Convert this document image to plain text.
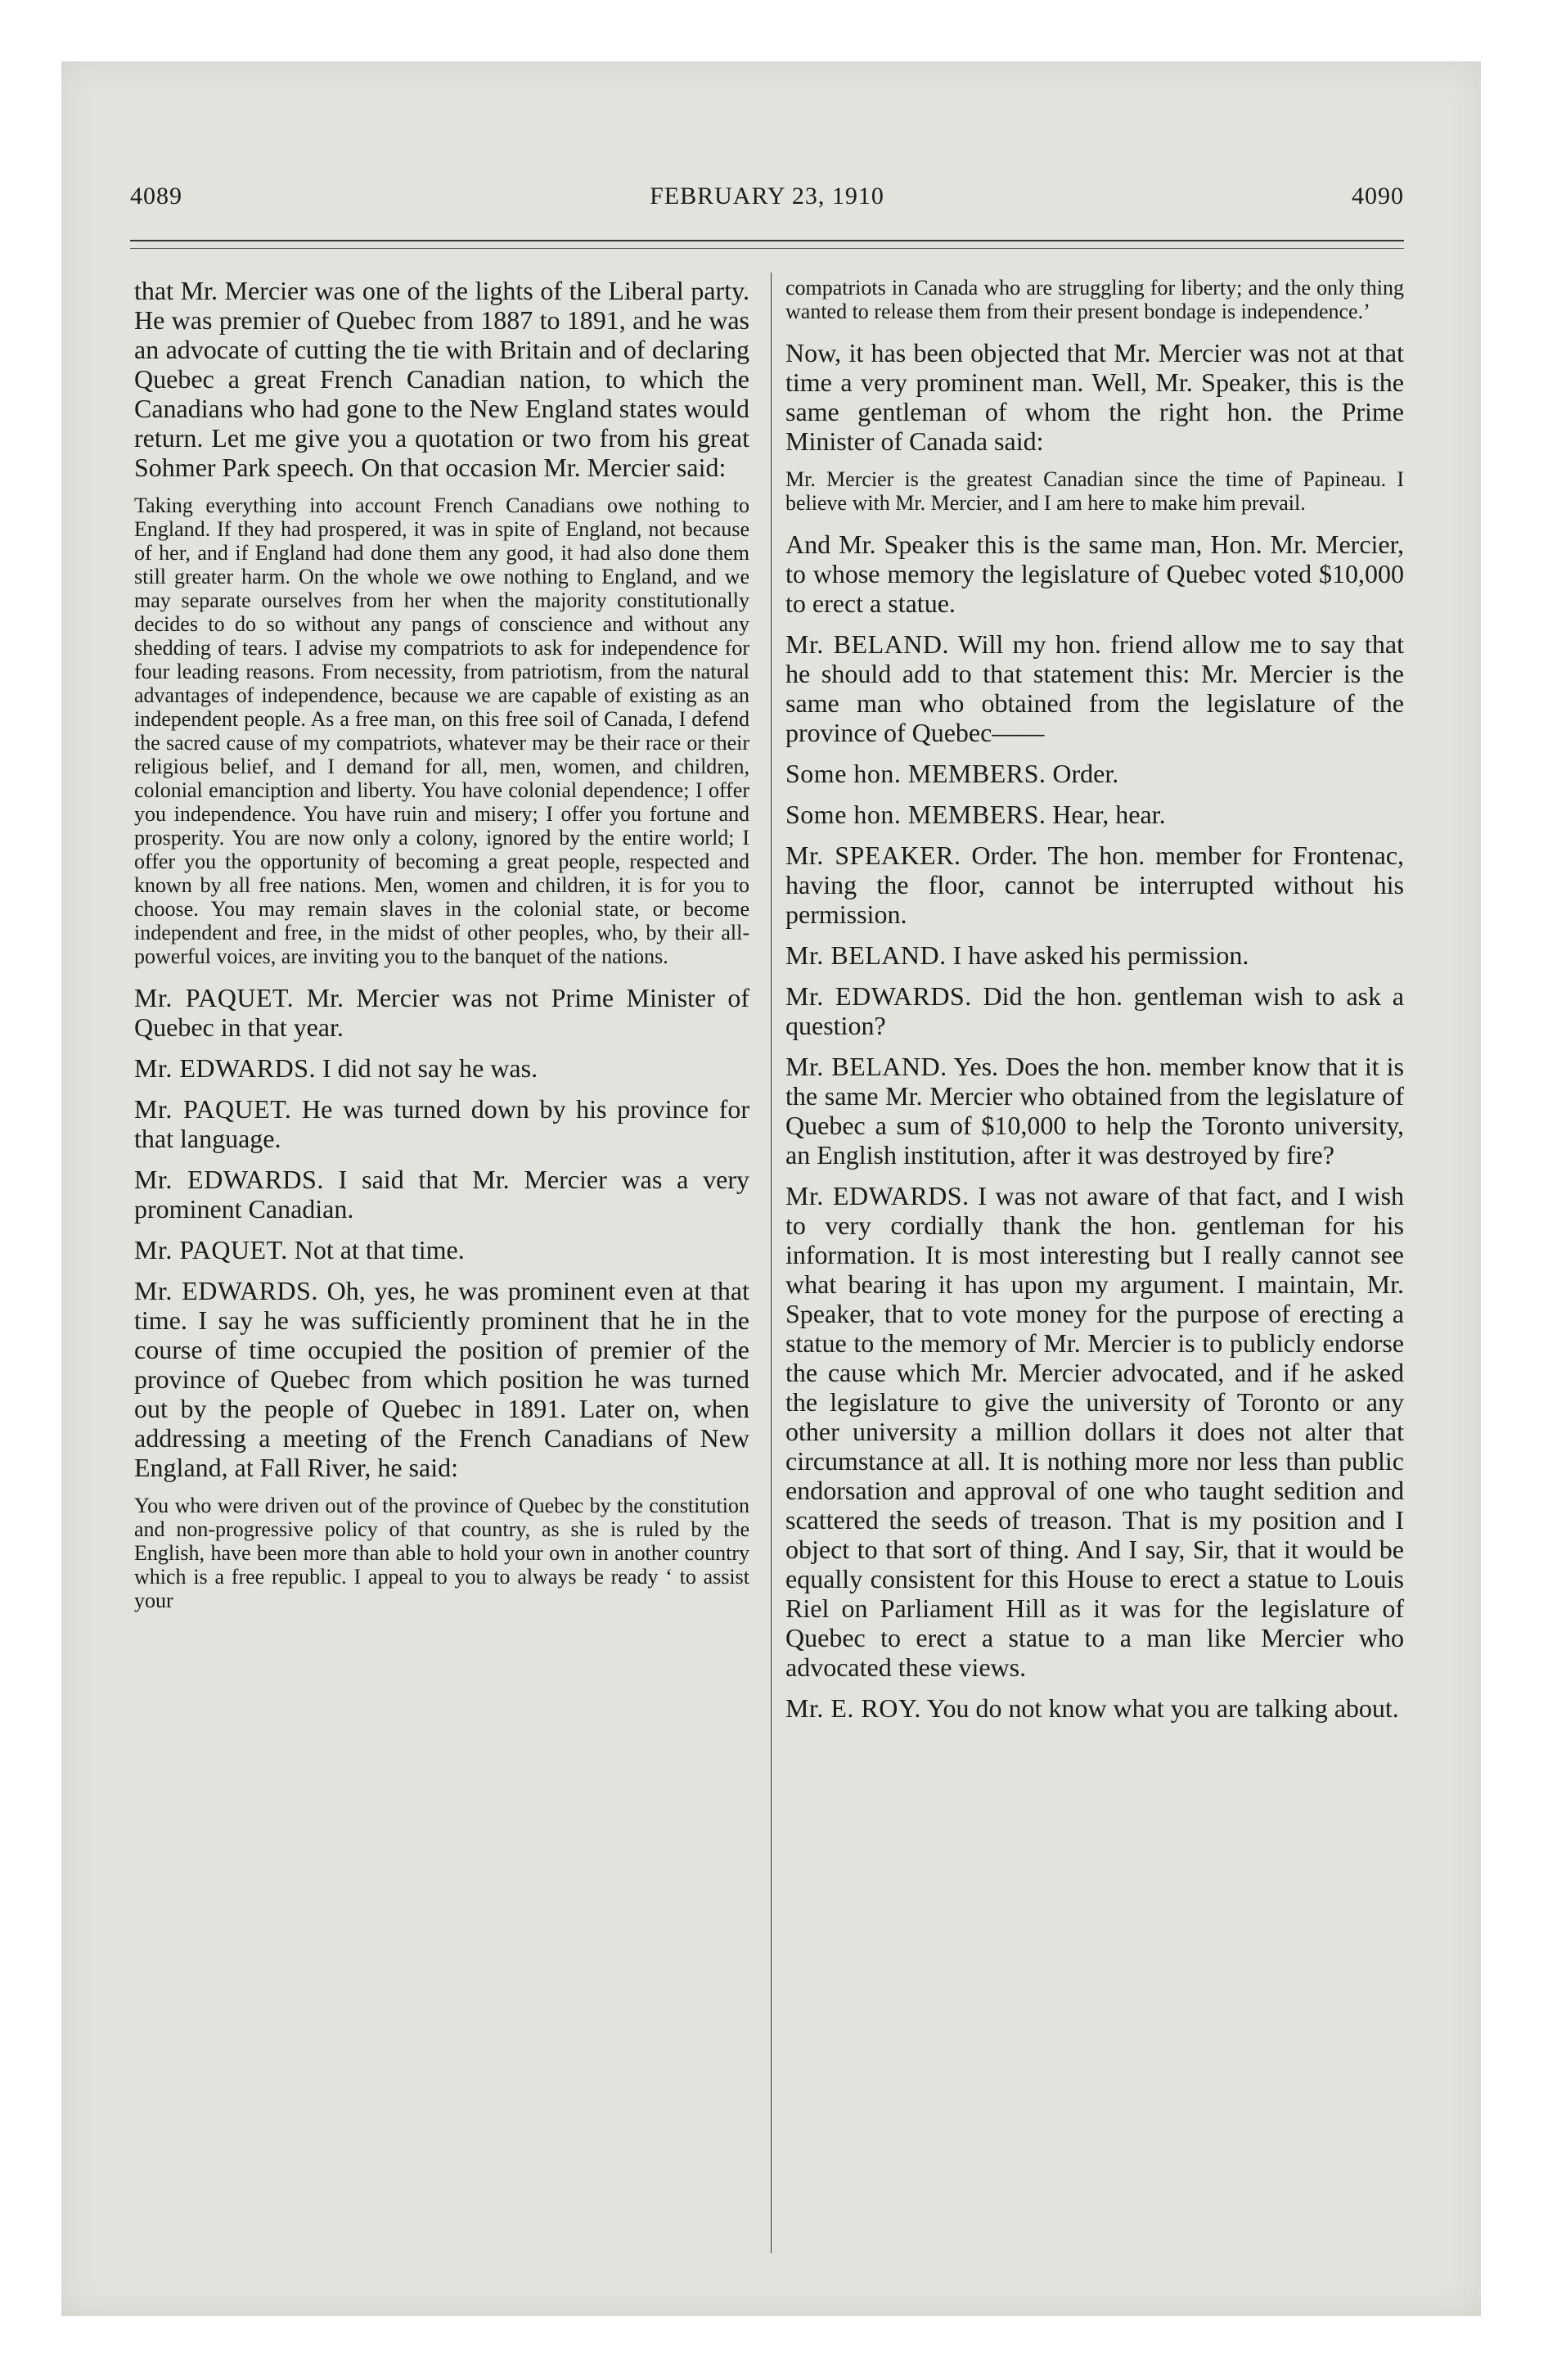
4089	FEBRUARY 23, 1910	4090

that Mr. Mercier was one of the lights of the Liberal party. He was premier of Quebec from 1887 to 1891, and he was an advocate of cutting the tie with Britain and of declaring Quebec a great French Canadian nation, to which the Canadians who had gone to the New England states would return. Let me give you a quotation or two from his great Sohmer Park speech. On that occasion Mr. Mercier said:

Taking everything into account French Canadians owe nothing to England. If they had prospered, it was in spite of England, not because of her, and if England had done them any good, it had also done them still greater harm. On the whole we owe nothing to England, and we may separate ourselves from her when the majority constitutionally decides to do so without any pangs of conscience and without any shedding of tears. I advise my compatriots to ask for independence for four leading reasons. From necessity, from patriotism, from the natural advantages of independence, because we are capable of existing as an independent people. As a free man, on this free soil of Canada, I defend the sacred cause of my compatriots, whatever may be their race or their religious belief, and I demand for all, men, women, and children, colonial emanciption and liberty. You have colonial dependence; I offer you independence. You have ruin and misery; I offer you fortune and prosperity. You are now only a colony, ignored by the entire world; I offer you the opportunity of becoming a great people, respected and known by all free nations. Men, women and children, it is for you to choose. You may remain slaves in the colonial state, or become independent and free, in the midst of other peoples, who, by their all-powerful voices, are inviting you to the banquet of the nations.

Mr. PAQUET. Mr. Mercier was not Prime Minister of Quebec in that year.

Mr. EDWARDS. I did not say he was.

Mr. PAQUET. He was turned down by his province for that language.

Mr. EDWARDS. I said that Mr. Mercier was a very prominent Canadian.

Mr. PAQUET. Not at that time.

Mr. EDWARDS. Oh, yes, he was prominent even at that time. I say he was sufficiently prominent that he in the course of time occupied the position of premier of the province of Quebec from which position he was turned out by the people of Quebec in 1891. Later on, when addressing a meeting of the French Canadians of New England, at Fall River, he said:

You who were driven out of the province of Quebec by the constitution and non-progressive policy of that country, as she is ruled by the English, have been more than able to hold your own in another country which is a free republic. I appeal to you to always be ready ‘ to assist your

compatriots in Canada who are struggling for liberty; and the only thing wanted to release them from their present bondage is independence.’

Now, it has been objected that Mr. Mercier was not at that time a very prominent man. Well, Mr. Speaker, this is the same gentleman of whom the right hon. the Prime Minister of Canada said:

Mr. Mercier is the greatest Canadian since the time of Papineau. I believe with Mr. Mercier, and I am here to make him prevail.

And Mr. Speaker this is the same man, Hon. Mr. Mercier, to whose memory the legislature of Quebec voted $10,000 to erect a statue.

Mr. BELAND. Will my hon. friend allow me to say that he should add to that statement this: Mr. Mercier is the same man who obtained from the legislature of the province of Quebec——

Some hon. MEMBERS. Order.

Some hon. MEMBERS. Hear, hear.

Mr. SPEAKER. Order. The hon. member for Frontenac, having the floor, cannot be interrupted without his permission.

Mr. BELAND. I have asked his permission.

Mr. EDWARDS. Did the hon. gentleman wish to ask a question?

Mr. BELAND. Yes. Does the hon. member know that it is the same Mr. Mercier who obtained from the legislature of Quebec a sum of $10,000 to help the Toronto university, an English institution, after it was destroyed by fire?

Mr. EDWARDS. I was not aware of that fact, and I wish to very cordially thank the hon. gentleman for his information. It is most interesting but I really cannot see what bearing it has upon my argument. I maintain, Mr. Speaker, that to vote money for the purpose of erecting a statue to the memory of Mr. Mercier is to publicly endorse the cause which Mr. Mercier advocated, and if he asked the legislature to give the university of Toronto or any other university a million dollars it does not alter that circumstance at all. It is nothing more nor less than public endorsation and approval of one who taught sedition and scattered the seeds of treason. That is my position and I object to that sort of thing. And I say, Sir, that it would be equally consistent for this House to erect a statue to Louis Riel on Parliament Hill as it was for the legislature of Quebec to erect a statue to a man like Mercier who advocated these views.

Mr. E. ROY. You do not know what you are talking about.
